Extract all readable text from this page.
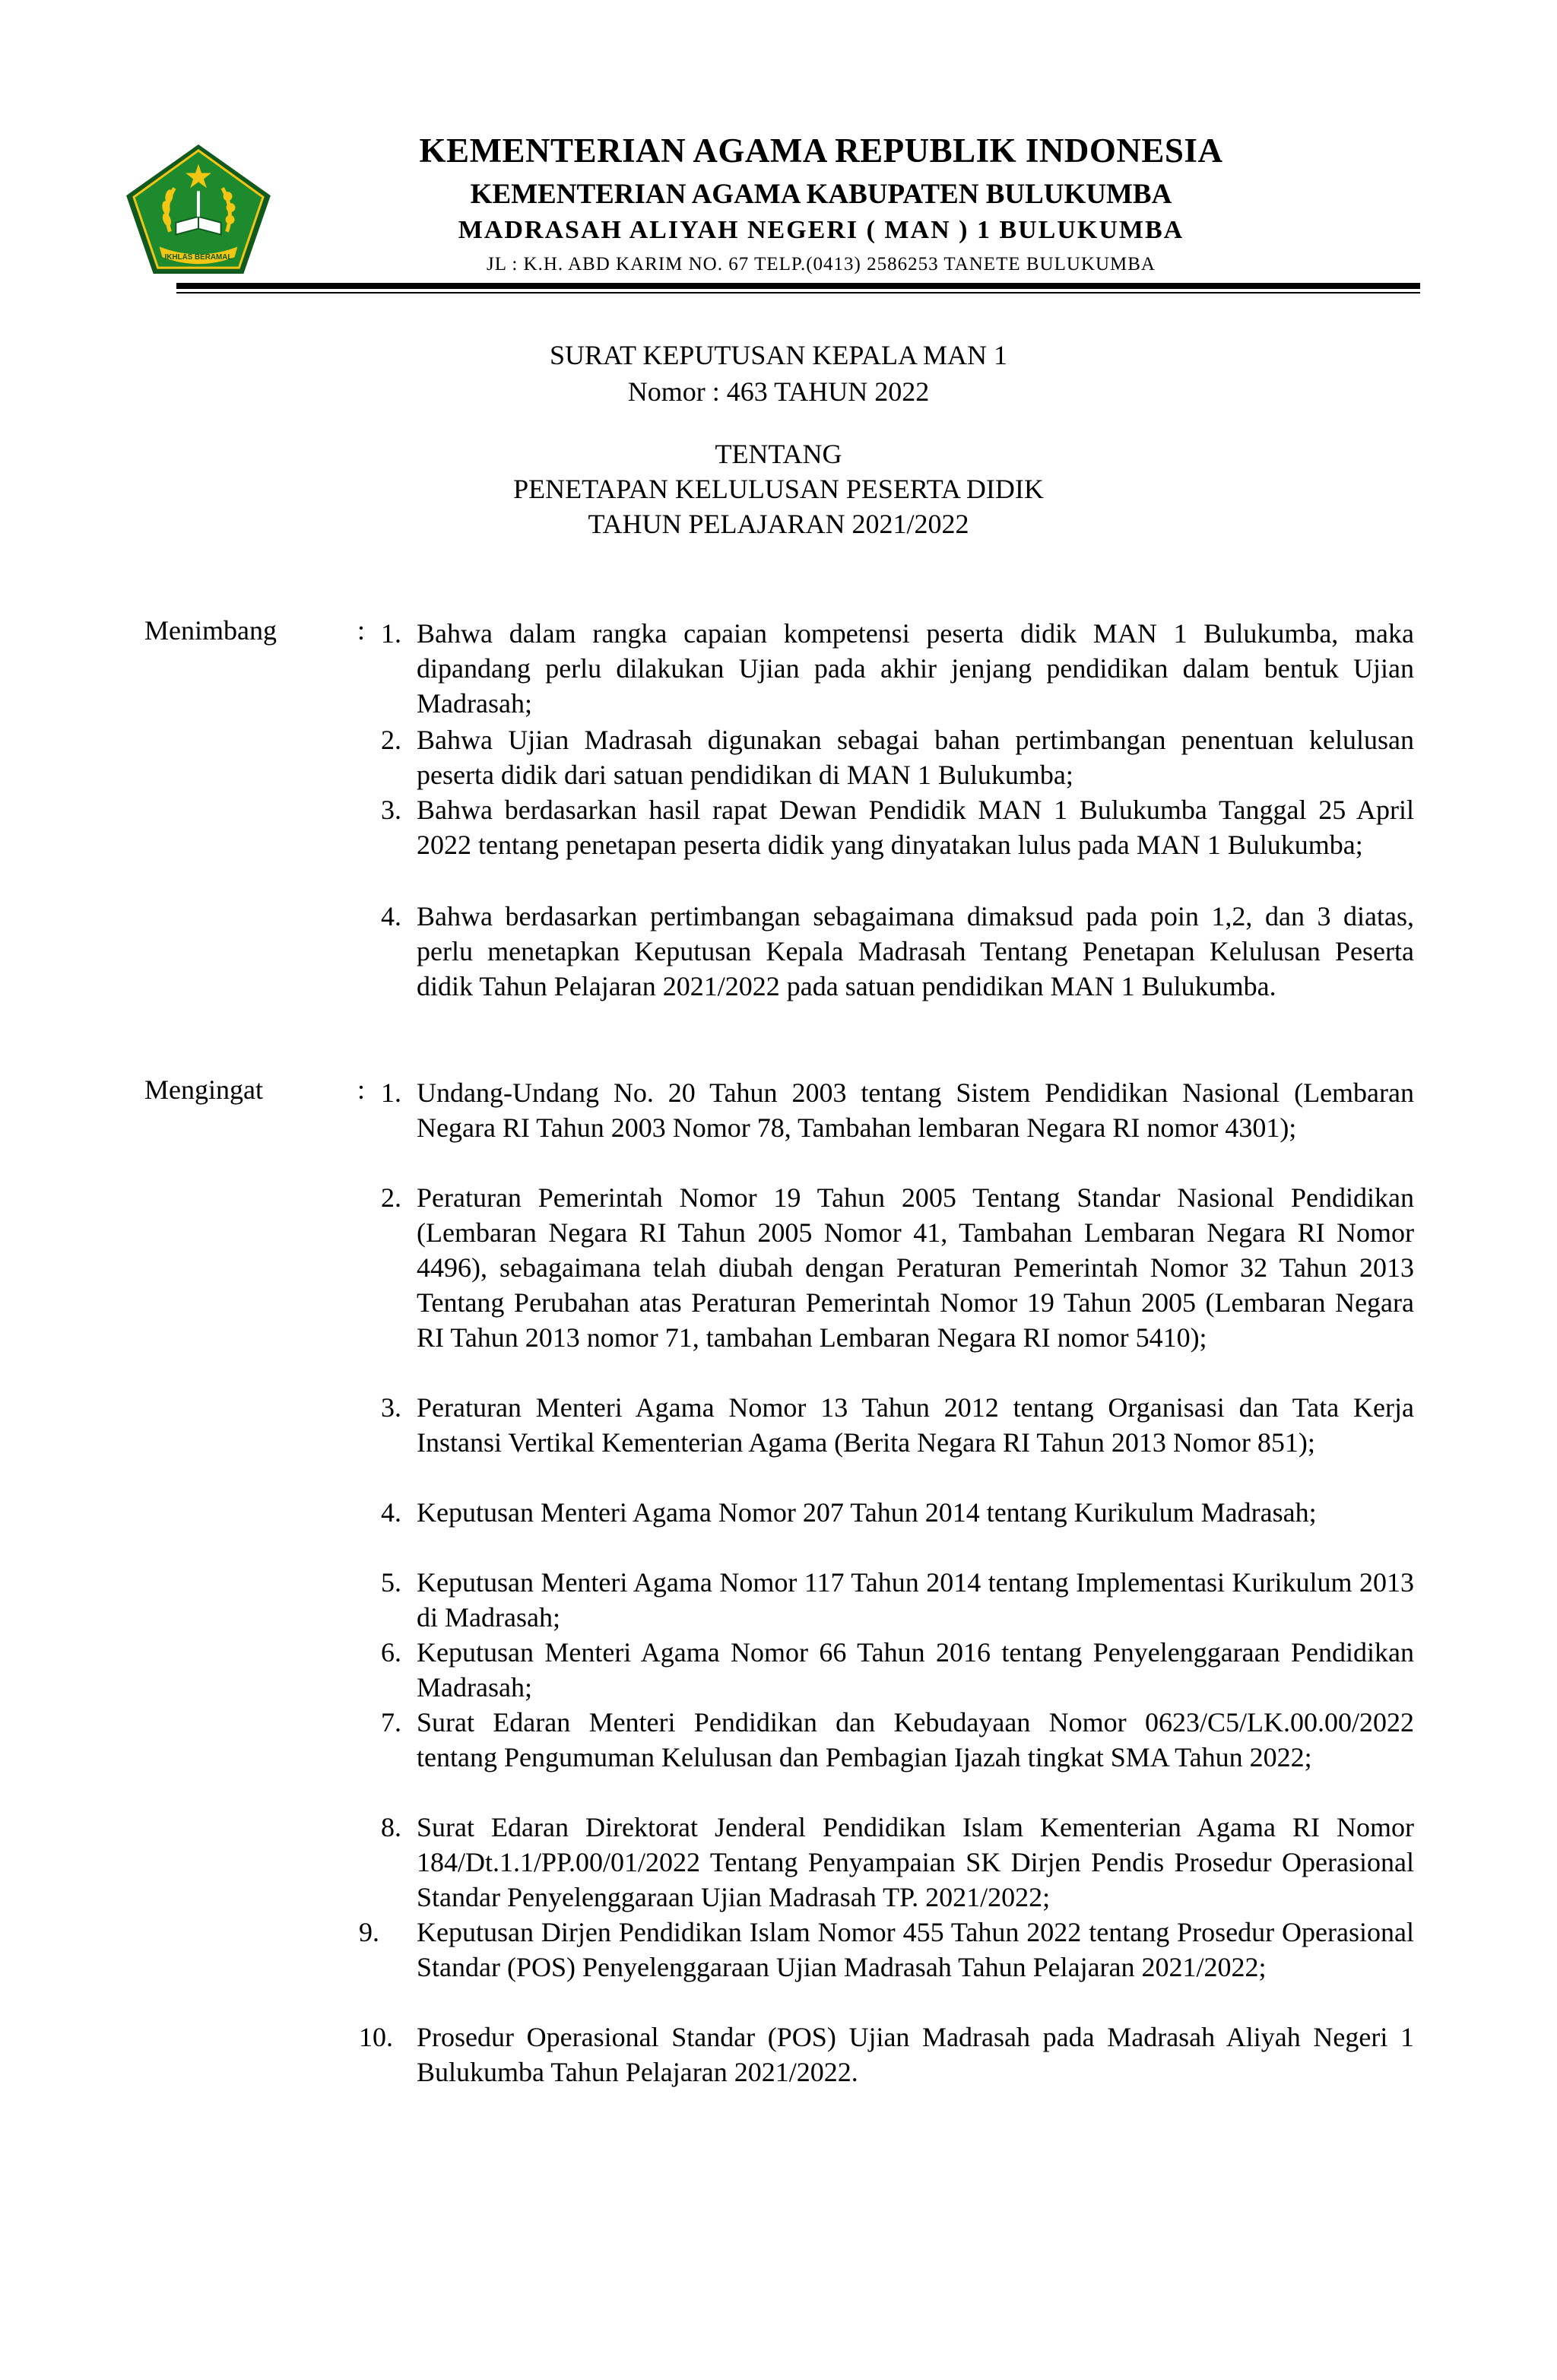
IKHLAS BERAMAL
KEMENTERIAN AGAMA REPUBLIK INDONESIA
KEMENTERIAN AGAMA KABUPATEN BULUKUMBA
MADRASAH ALIYAH NEGERI ( MAN ) 1 BULUKUMBA
JL : K.H. ABD KARIM NO. 67 TELP.(0413) 2586253 TANETE BULUKUMBA
SURAT KEPUTUSAN KEPALA MAN 1
Nomor : 463 TAHUN 2022
TENTANG
PENETAPAN KELULUSAN PESERTA DIDIK
TAHUN PELAJARAN 2021/2022
Menimbang	: 1. Bahwa dalam rangka capaian kompetensi peserta didik MAN 1 Bulukumba, maka dipandang perlu dilakukan Ujian pada akhir jenjang pendidikan dalam bentuk Ujian Madrasah;
2. Bahwa Ujian Madrasah digunakan sebagai bahan pertimbangan penentuan kelulusan peserta didik dari satuan pendidikan di MAN 1 Bulukumba;
3. Bahwa berdasarkan hasil rapat Dewan Pendidik MAN 1 Bulukumba Tanggal 25 April 2022 tentang penetapan peserta didik yang dinyatakan lulus pada MAN 1 Bulukumba;
4. Bahwa berdasarkan pertimbangan sebagaimana dimaksud pada poin 1,2, dan 3 diatas, perlu menetapkan Keputusan Kepala Madrasah Tentang Penetapan Kelulusan Peserta didik Tahun Pelajaran 2021/2022 pada satuan pendidikan MAN 1 Bulukumba.
Mengingat	: 1. Undang-Undang No. 20 Tahun 2003 tentang Sistem Pendidikan Nasional (Lembaran Negara RI Tahun 2003 Nomor 78, Tambahan lembaran Negara RI nomor 4301);
2. Peraturan Pemerintah Nomor 19 Tahun 2005 Tentang Standar Nasional Pendidikan (Lembaran Negara RI Tahun 2005 Nomor 41, Tambahan Lembaran Negara RI Nomor 4496), sebagaimana telah diubah dengan Peraturan Pemerintah Nomor 32 Tahun 2013 Tentang Perubahan atas Peraturan Pemerintah Nomor 19 Tahun 2005 (Lembaran Negara RI Tahun 2013 nomor 71, tambahan Lembaran Negara RI nomor 5410);
3. Peraturan Menteri Agama Nomor 13 Tahun 2012 tentang Organisasi dan Tata Kerja Instansi Vertikal Kementerian Agama (Berita Negara RI Tahun 2013 Nomor 851);
4. Keputusan Menteri Agama Nomor 207 Tahun 2014 tentang Kurikulum Madrasah;
5. Keputusan Menteri Agama Nomor 117 Tahun 2014 tentang Implementasi Kurikulum 2013 di Madrasah;
6. Keputusan Menteri Agama Nomor 66 Tahun 2016 tentang Penyelenggaraan Pendidikan Madrasah;
7. Surat Edaran Menteri Pendidikan dan Kebudayaan Nomor 0623/C5/LK.00.00/2022 tentang Pengumuman Kelulusan dan Pembagian Ijazah tingkat SMA Tahun 2022;
8. Surat Edaran Direktorat Jenderal Pendidikan Islam Kementerian Agama RI Nomor 184/Dt.1.1/PP.00/01/2022 Tentang Penyampaian SK Dirjen Pendis Prosedur Operasional Standar Penyelenggaraan Ujian Madrasah TP. 2021/2022;
9.	Keputusan Dirjen Pendidikan Islam Nomor 455 Tahun 2022 tentang Prosedur Operasional Standar (POS) Penyelenggaraan Ujian Madrasah Tahun Pelajaran 2021/2022;
10. Prosedur Operasional Standar (POS) Ujian Madrasah pada Madrasah Aliyah Negeri 1 Bulukumba Tahun Pelajaran 2021/2022.
